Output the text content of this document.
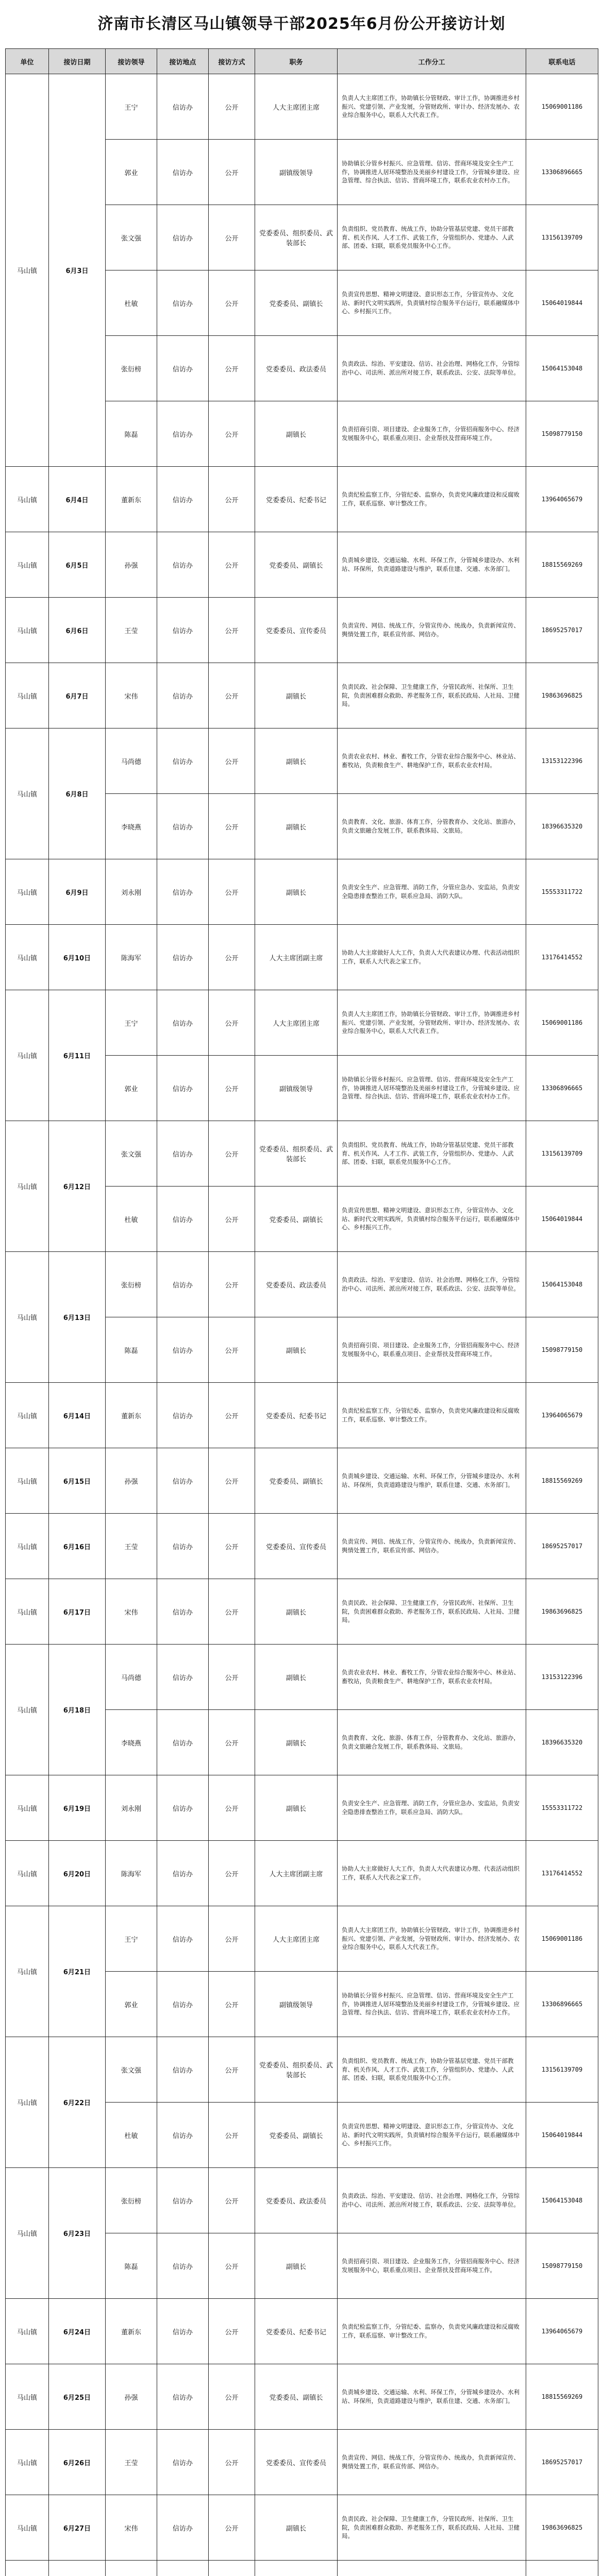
济南市长清区马山镇领导干部2025年6月份公开接访计划
单位	接访日期	接访领导	接访地点	接访方式	职务	工作分工	联系电话
马山镇	6月3日	王宁	信访办	公开	人大主席团主席	负责人大主席团工作，协助镇长分管财政、审计工作，协调推进乡村振兴、党建引领、产业发展，分管财政所、审计办、经济发展办、农业综合服务中心，联系人大代表工作。	15069001186
		郭业	信访办	公开	副镇级领导	协助镇长分管乡村振兴、应急管理、信访、营商环境及安全生产工作，协调推进人居环境整治及美丽乡村建设工作，分管城乡建设、应急管理、综合执法、信访、营商环境工作，联系农业农村办工作。	13306896665
		张文强	信访办	公开	党委委员、组织委员、武装部长	负责组织、党员教育、统战工作，协助分管基层党建、党员干部教育、机关作风、人才工作、武装工作，分管组织办、党建办、人武部、团委、妇联，联系党员服务中心工作。	13156139709
		杜敏	信访办	公开	党委委员、副镇长	负责宣传思想、精神文明建设、意识形态工作，分管宣传办、文化站、新时代文明实践所，负责镇村综合服务平台运行，联系融媒体中心、乡村振兴工作。	15064019844
		张衍榜	信访办	公开	党委委员、政法委员	负责政法、综治、平安建设、信访、社会治理、网格化工作，分管综治中心、司法所、派出所对接工作，联系政法、公安、法院等单位。	15064153048
		陈磊	信访办	公开	副镇长	负责招商引资、项目建设、企业服务工作，分管招商服务中心、经济发展服务中心，联系重点项目、企业帮扶及营商环境工作。	15098779150
马山镇	6月4日	董新东	信访办	公开	党委委员、纪委书记	负责纪检监察工作，分管纪委、监察办，负责党风廉政建设和反腐败工作，联系巡察、审计整改工作。	13964065679
马山镇	6月5日	孙强	信访办	公开	党委委员、副镇长	负责城乡建设、交通运输、水利、环保工作，分管城乡建设办、水利站、环保所，负责道路建设与维护，联系住建、交通、水务部门。	18815569269
马山镇	6月6日	王莹	信访办	公开	党委委员、宣传委员	负责宣传、网信、统战工作，分管宣传办、统战办，负责新闻宣传、舆情处置工作，联系宣传部、网信办。	18695257017
马山镇	6月7日	宋伟	信访办	公开	副镇长	负责民政、社会保障、卫生健康工作，分管民政所、社保所、卫生院，负责困难群众救助、养老服务工作，联系民政局、人社局、卫健局。	19863696825
马山镇	6月8日	马尚德	信访办	公开	副镇长	负责农业农村、林业、畜牧工作，分管农业综合服务中心、林业站、畜牧站，负责粮食生产、耕地保护工作，联系农业农村局。	13153122396
		李晓燕	信访办	公开	副镇长	负责教育、文化、旅游、体育工作，分管教育办、文化站、旅游办，负责文旅融合发展工作，联系教体局、文旅局。	18396635320
马山镇	6月9日	刘永刚	信访办	公开	副镇长	负责安全生产、应急管理、消防工作，分管应急办、安监站，负责安全隐患排查整治工作，联系应急局、消防大队。	15553311722
马山镇	6月10日	陈海军	信访办	公开	人大主席团副主席	协助人大主席做好人大工作，负责人大代表建议办理、代表活动组织工作，联系人大代表之家工作。	13176414552
马山镇	6月11日	王宁	信访办	公开	人大主席团主席	负责人大主席团工作，协助镇长分管财政、审计工作，协调推进乡村振兴、党建引领、产业发展，分管财政所、审计办、经济发展办、农业综合服务中心，联系人大代表工作。	15069001186
		郭业	信访办	公开	副镇级领导	协助镇长分管乡村振兴、应急管理、信访、营商环境及安全生产工作，协调推进人居环境整治及美丽乡村建设工作，分管城乡建设、应急管理、综合执法、信访、营商环境工作，联系农业农村办工作。	13306896665
马山镇	6月12日	张文强	信访办	公开	党委委员、组织委员、武装部长	负责组织、党员教育、统战工作，协助分管基层党建、党员干部教育、机关作风、人才工作、武装工作，分管组织办、党建办、人武部、团委、妇联，联系党员服务中心工作。	13156139709
		杜敏	信访办	公开	党委委员、副镇长	负责宣传思想、精神文明建设、意识形态工作，分管宣传办、文化站、新时代文明实践所，负责镇村综合服务平台运行，联系融媒体中心、乡村振兴工作。	15064019844
马山镇	6月13日	张衍榜	信访办	公开	党委委员、政法委员	负责政法、综治、平安建设、信访、社会治理、网格化工作，分管综治中心、司法所、派出所对接工作，联系政法、公安、法院等单位。	15064153048
		陈磊	信访办	公开	副镇长	负责招商引资、项目建设、企业服务工作，分管招商服务中心、经济发展服务中心，联系重点项目、企业帮扶及营商环境工作。	15098779150
马山镇	6月14日	董新东	信访办	公开	党委委员、纪委书记	负责纪检监察工作，分管纪委、监察办，负责党风廉政建设和反腐败工作，联系巡察、审计整改工作。	13964065679
马山镇	6月15日	孙强	信访办	公开	党委委员、副镇长	负责城乡建设、交通运输、水利、环保工作，分管城乡建设办、水利站、环保所，负责道路建设与维护，联系住建、交通、水务部门。	18815569269
马山镇	6月16日	王莹	信访办	公开	党委委员、宣传委员	负责宣传、网信、统战工作，分管宣传办、统战办，负责新闻宣传、舆情处置工作，联系宣传部、网信办。	18695257017
马山镇	6月17日	宋伟	信访办	公开	副镇长	负责民政、社会保障、卫生健康工作，分管民政所、社保所、卫生院，负责困难群众救助、养老服务工作，联系民政局、人社局、卫健局。	19863696825
马山镇	6月18日	马尚德	信访办	公开	副镇长	负责农业农村、林业、畜牧工作，分管农业综合服务中心、林业站、畜牧站，负责粮食生产、耕地保护工作，联系农业农村局。	13153122396
		李晓燕	信访办	公开	副镇长	负责教育、文化、旅游、体育工作，分管教育办、文化站、旅游办，负责文旅融合发展工作，联系教体局、文旅局。	18396635320
马山镇	6月19日	刘永刚	信访办	公开	副镇长	负责安全生产、应急管理、消防工作，分管应急办、安监站，负责安全隐患排查整治工作，联系应急局、消防大队。	15553311722
马山镇	6月20日	陈海军	信访办	公开	人大主席团副主席	协助人大主席做好人大工作，负责人大代表建议办理、代表活动组织工作，联系人大代表之家工作。	13176414552
马山镇	6月21日	王宁	信访办	公开	人大主席团主席	负责人大主席团工作，协助镇长分管财政、审计工作，协调推进乡村振兴、党建引领、产业发展，分管财政所、审计办、经济发展办、农业综合服务中心，联系人大代表工作。	15069001186
		郭业	信访办	公开	副镇级领导	协助镇长分管乡村振兴、应急管理、信访、营商环境及安全生产工作，协调推进人居环境整治及美丽乡村建设工作，分管城乡建设、应急管理、综合执法、信访、营商环境工作，联系农业农村办工作。	13306896665
马山镇	6月22日	张文强	信访办	公开	党委委员、组织委员、武装部长	负责组织、党员教育、统战工作，协助分管基层党建、党员干部教育、机关作风、人才工作、武装工作，分管组织办、党建办、人武部、团委、妇联，联系党员服务中心工作。	13156139709
		杜敏	信访办	公开	党委委员、副镇长	负责宣传思想、精神文明建设、意识形态工作，分管宣传办、文化站、新时代文明实践所，负责镇村综合服务平台运行，联系融媒体中心、乡村振兴工作。	15064019844
马山镇	6月23日	张衍榜	信访办	公开	党委委员、政法委员	负责政法、综治、平安建设、信访、社会治理、网格化工作，分管综治中心、司法所、派出所对接工作，联系政法、公安、法院等单位。	15064153048
		陈磊	信访办	公开	副镇长	负责招商引资、项目建设、企业服务工作，分管招商服务中心、经济发展服务中心，联系重点项目、企业帮扶及营商环境工作。	15098779150
马山镇	6月24日	董新东	信访办	公开	党委委员、纪委书记	负责纪检监察工作，分管纪委、监察办，负责党风廉政建设和反腐败工作，联系巡察、审计整改工作。	13964065679
马山镇	6月25日	孙强	信访办	公开	党委委员、副镇长	负责城乡建设、交通运输、水利、环保工作，分管城乡建设办、水利站、环保所，负责道路建设与维护，联系住建、交通、水务部门。	18815569269
马山镇	6月26日	王莹	信访办	公开	党委委员、宣传委员	负责宣传、网信、统战工作，分管宣传办、统战办，负责新闻宣传、舆情处置工作，联系宣传部、网信办。	18695257017
马山镇	6月27日	宋伟	信访办	公开	副镇长	负责民政、社会保障、卫生健康工作，分管民政所、社保所、卫生院，负责困难群众救助、养老服务工作，联系民政局、人社局、卫健局。	19863696825
